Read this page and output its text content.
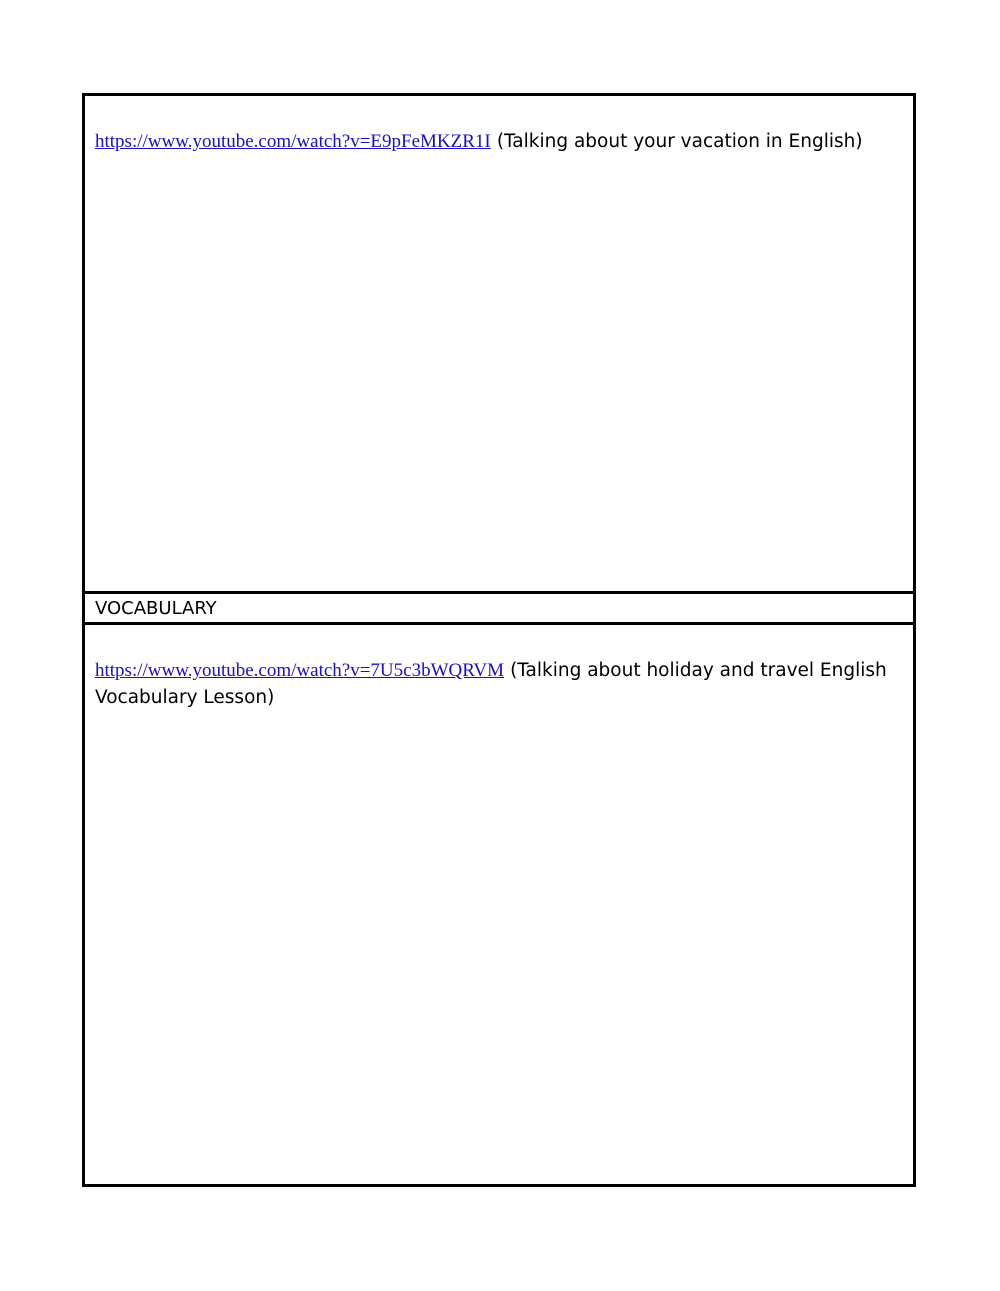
https://www.youtube.com/watch?v=E9pFeMKZR1I (Talking about your vacation in English)

VOCABULARY

https://www.youtube.com/watch?v=7U5c3bWQRVM (Talking about holiday and travel English Vocabulary Lesson)
